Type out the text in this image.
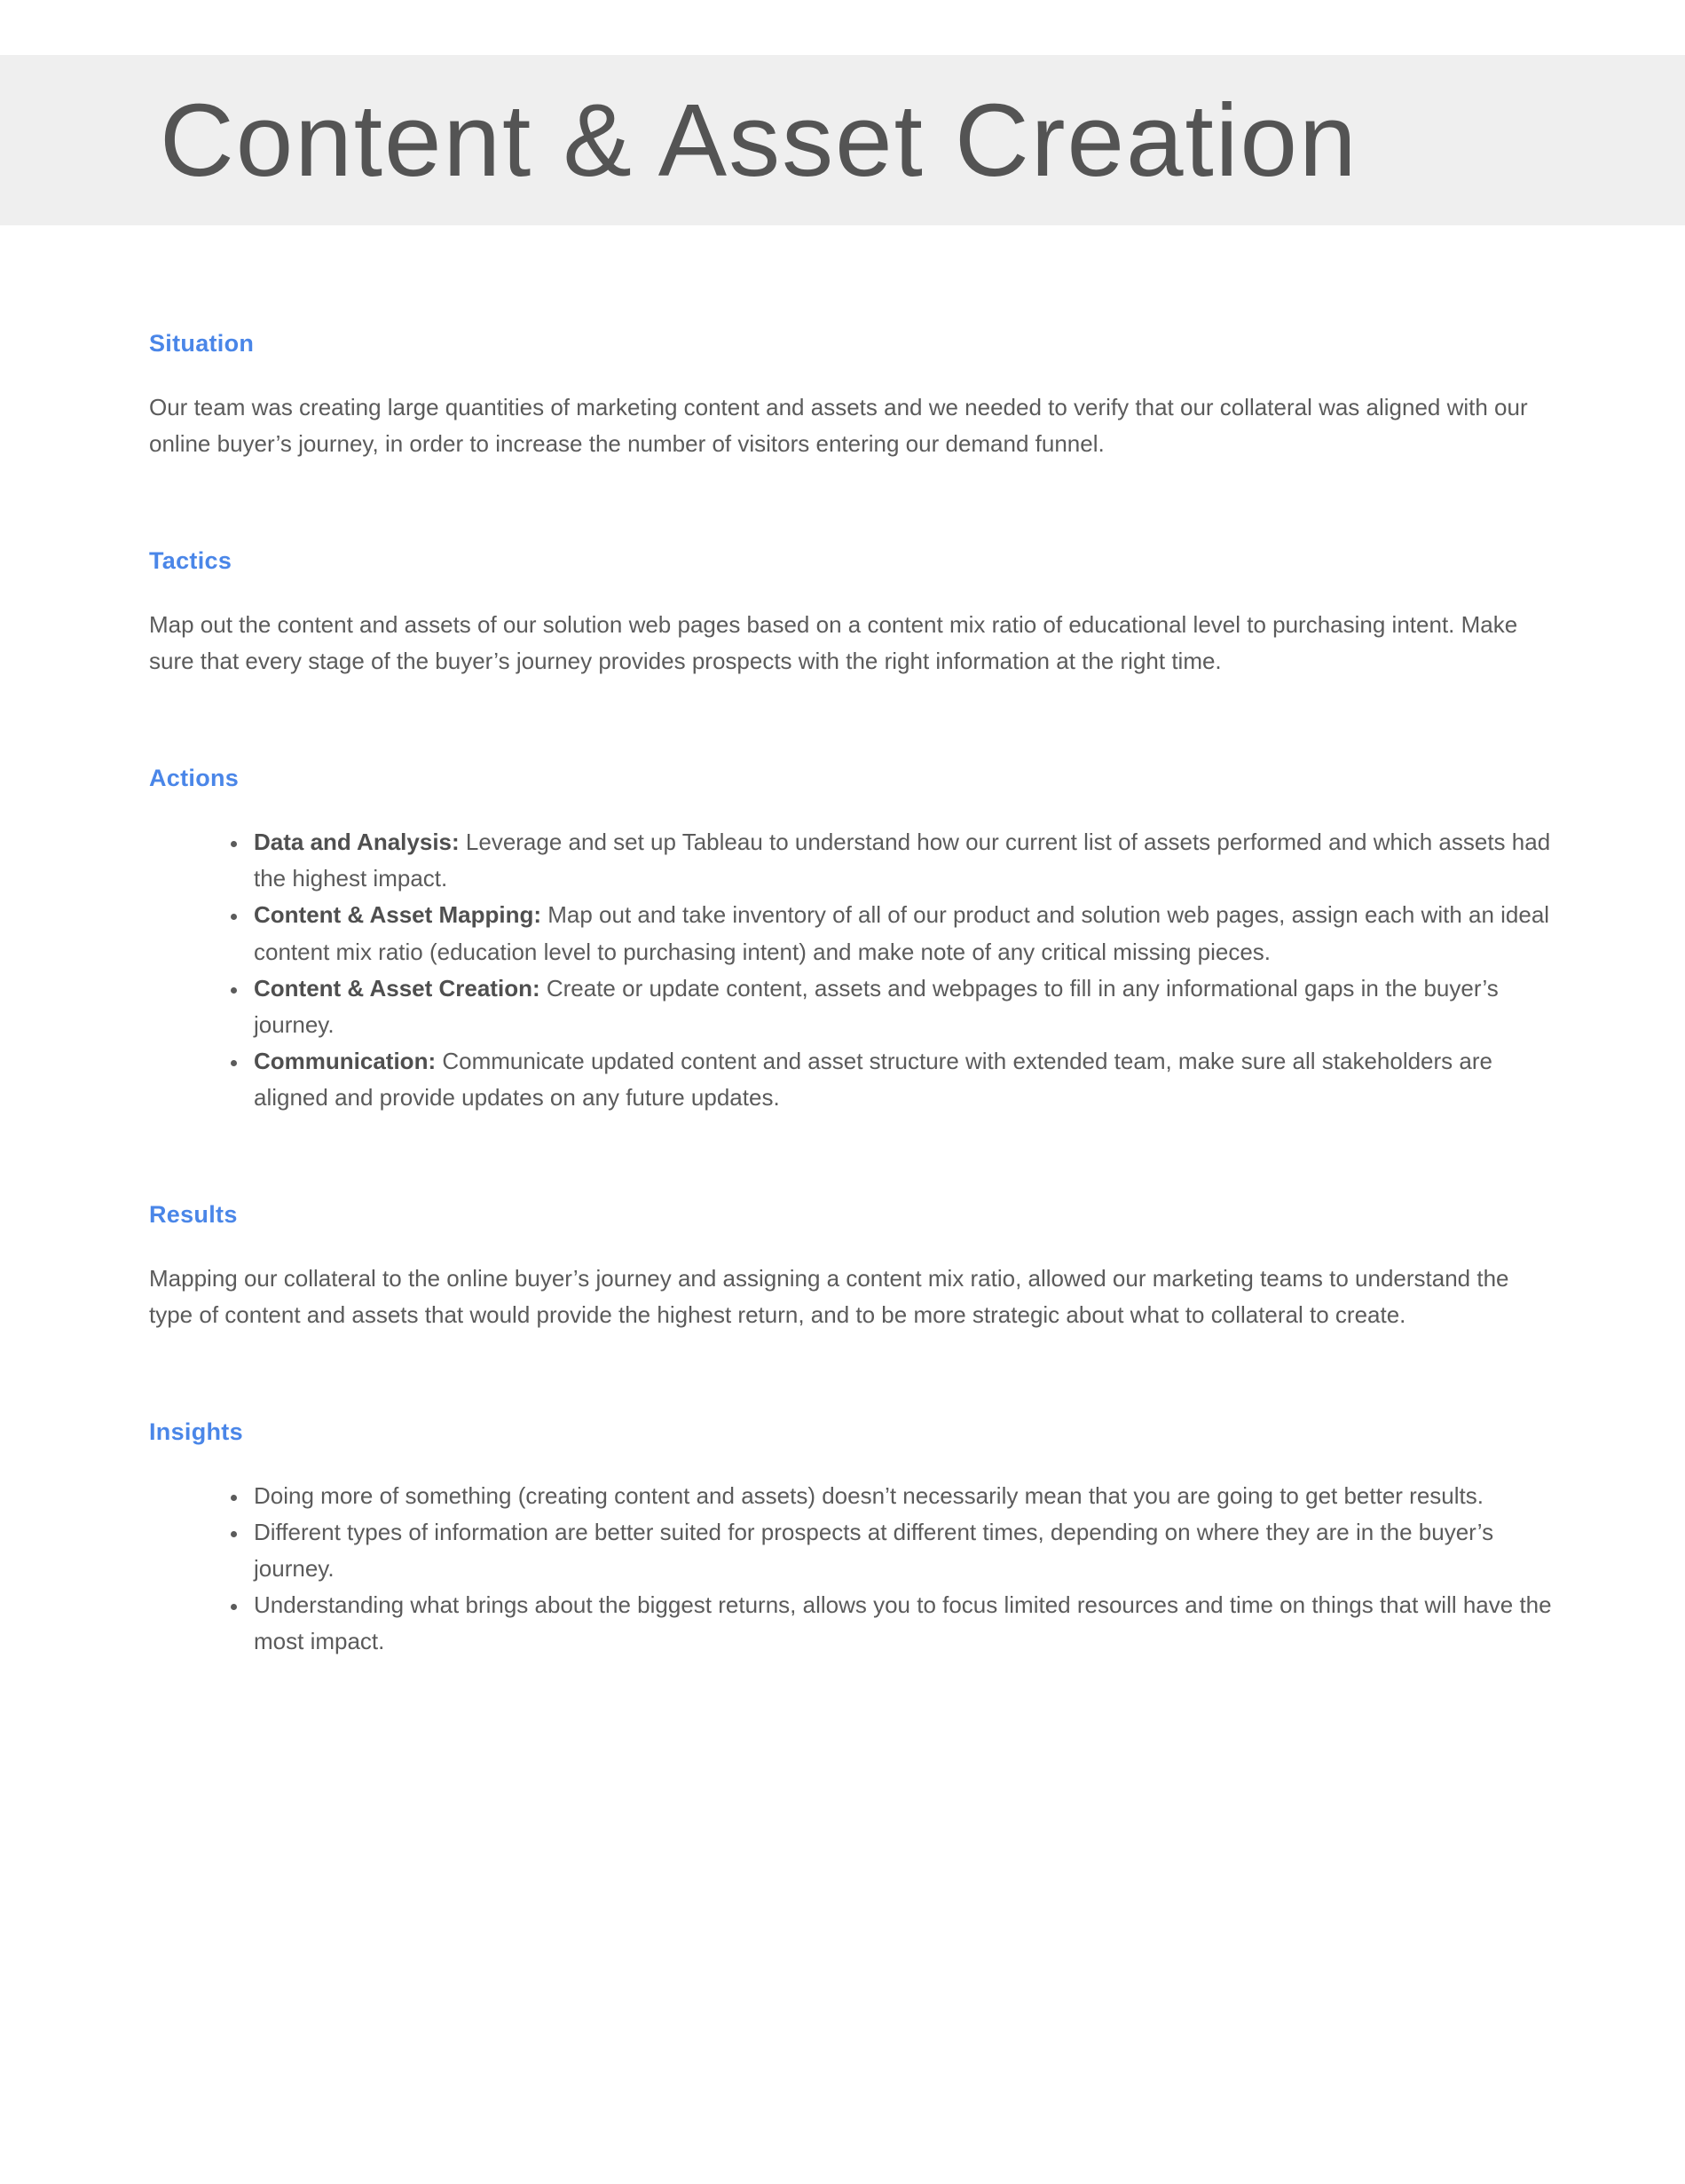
Content & Asset Creation
Situation

Our team was creating large quantities of marketing content and assets and we needed to verify that our collateral was aligned with our online buyer’s journey, in order to increase the number of visitors entering our demand funnel.

Tactics

Map out the content and assets of our solution web pages based on a content mix ratio of educational level to purchasing intent. Make sure that every stage of the buyer’s journey provides prospects with the right information at the right time.

Actions
• Data and Analysis: Leverage and set up Tableau to understand how our current list of assets performed and which assets had the highest impact.
• Content & Asset Mapping: Map out and take inventory of all of our product and solution web pages, assign each with an ideal content mix ratio (education level to purchasing intent) and make note of any critical missing pieces.
• Content & Asset Creation: Create or update content, assets and webpages to fill in any informational gaps in the buyer’s journey.
• Communication: Communicate updated content and asset structure with extended team, make sure all stakeholders are aligned and provide updates on any future updates.
Results

Mapping our collateral to the online buyer’s journey and assigning a content mix ratio, allowed our marketing teams to understand the type of content and assets that would provide the highest return, and to be more strategic about what to collateral to create.

Insights
• Doing more of something (creating content and assets) doesn’t necessarily mean that you are going to get better results.
• Different types of information are better suited for prospects at different times, depending on where they are in the buyer’s journey.
• Understanding what brings about the biggest returns, allows you to focus limited resources and time on things that will have the most impact.
